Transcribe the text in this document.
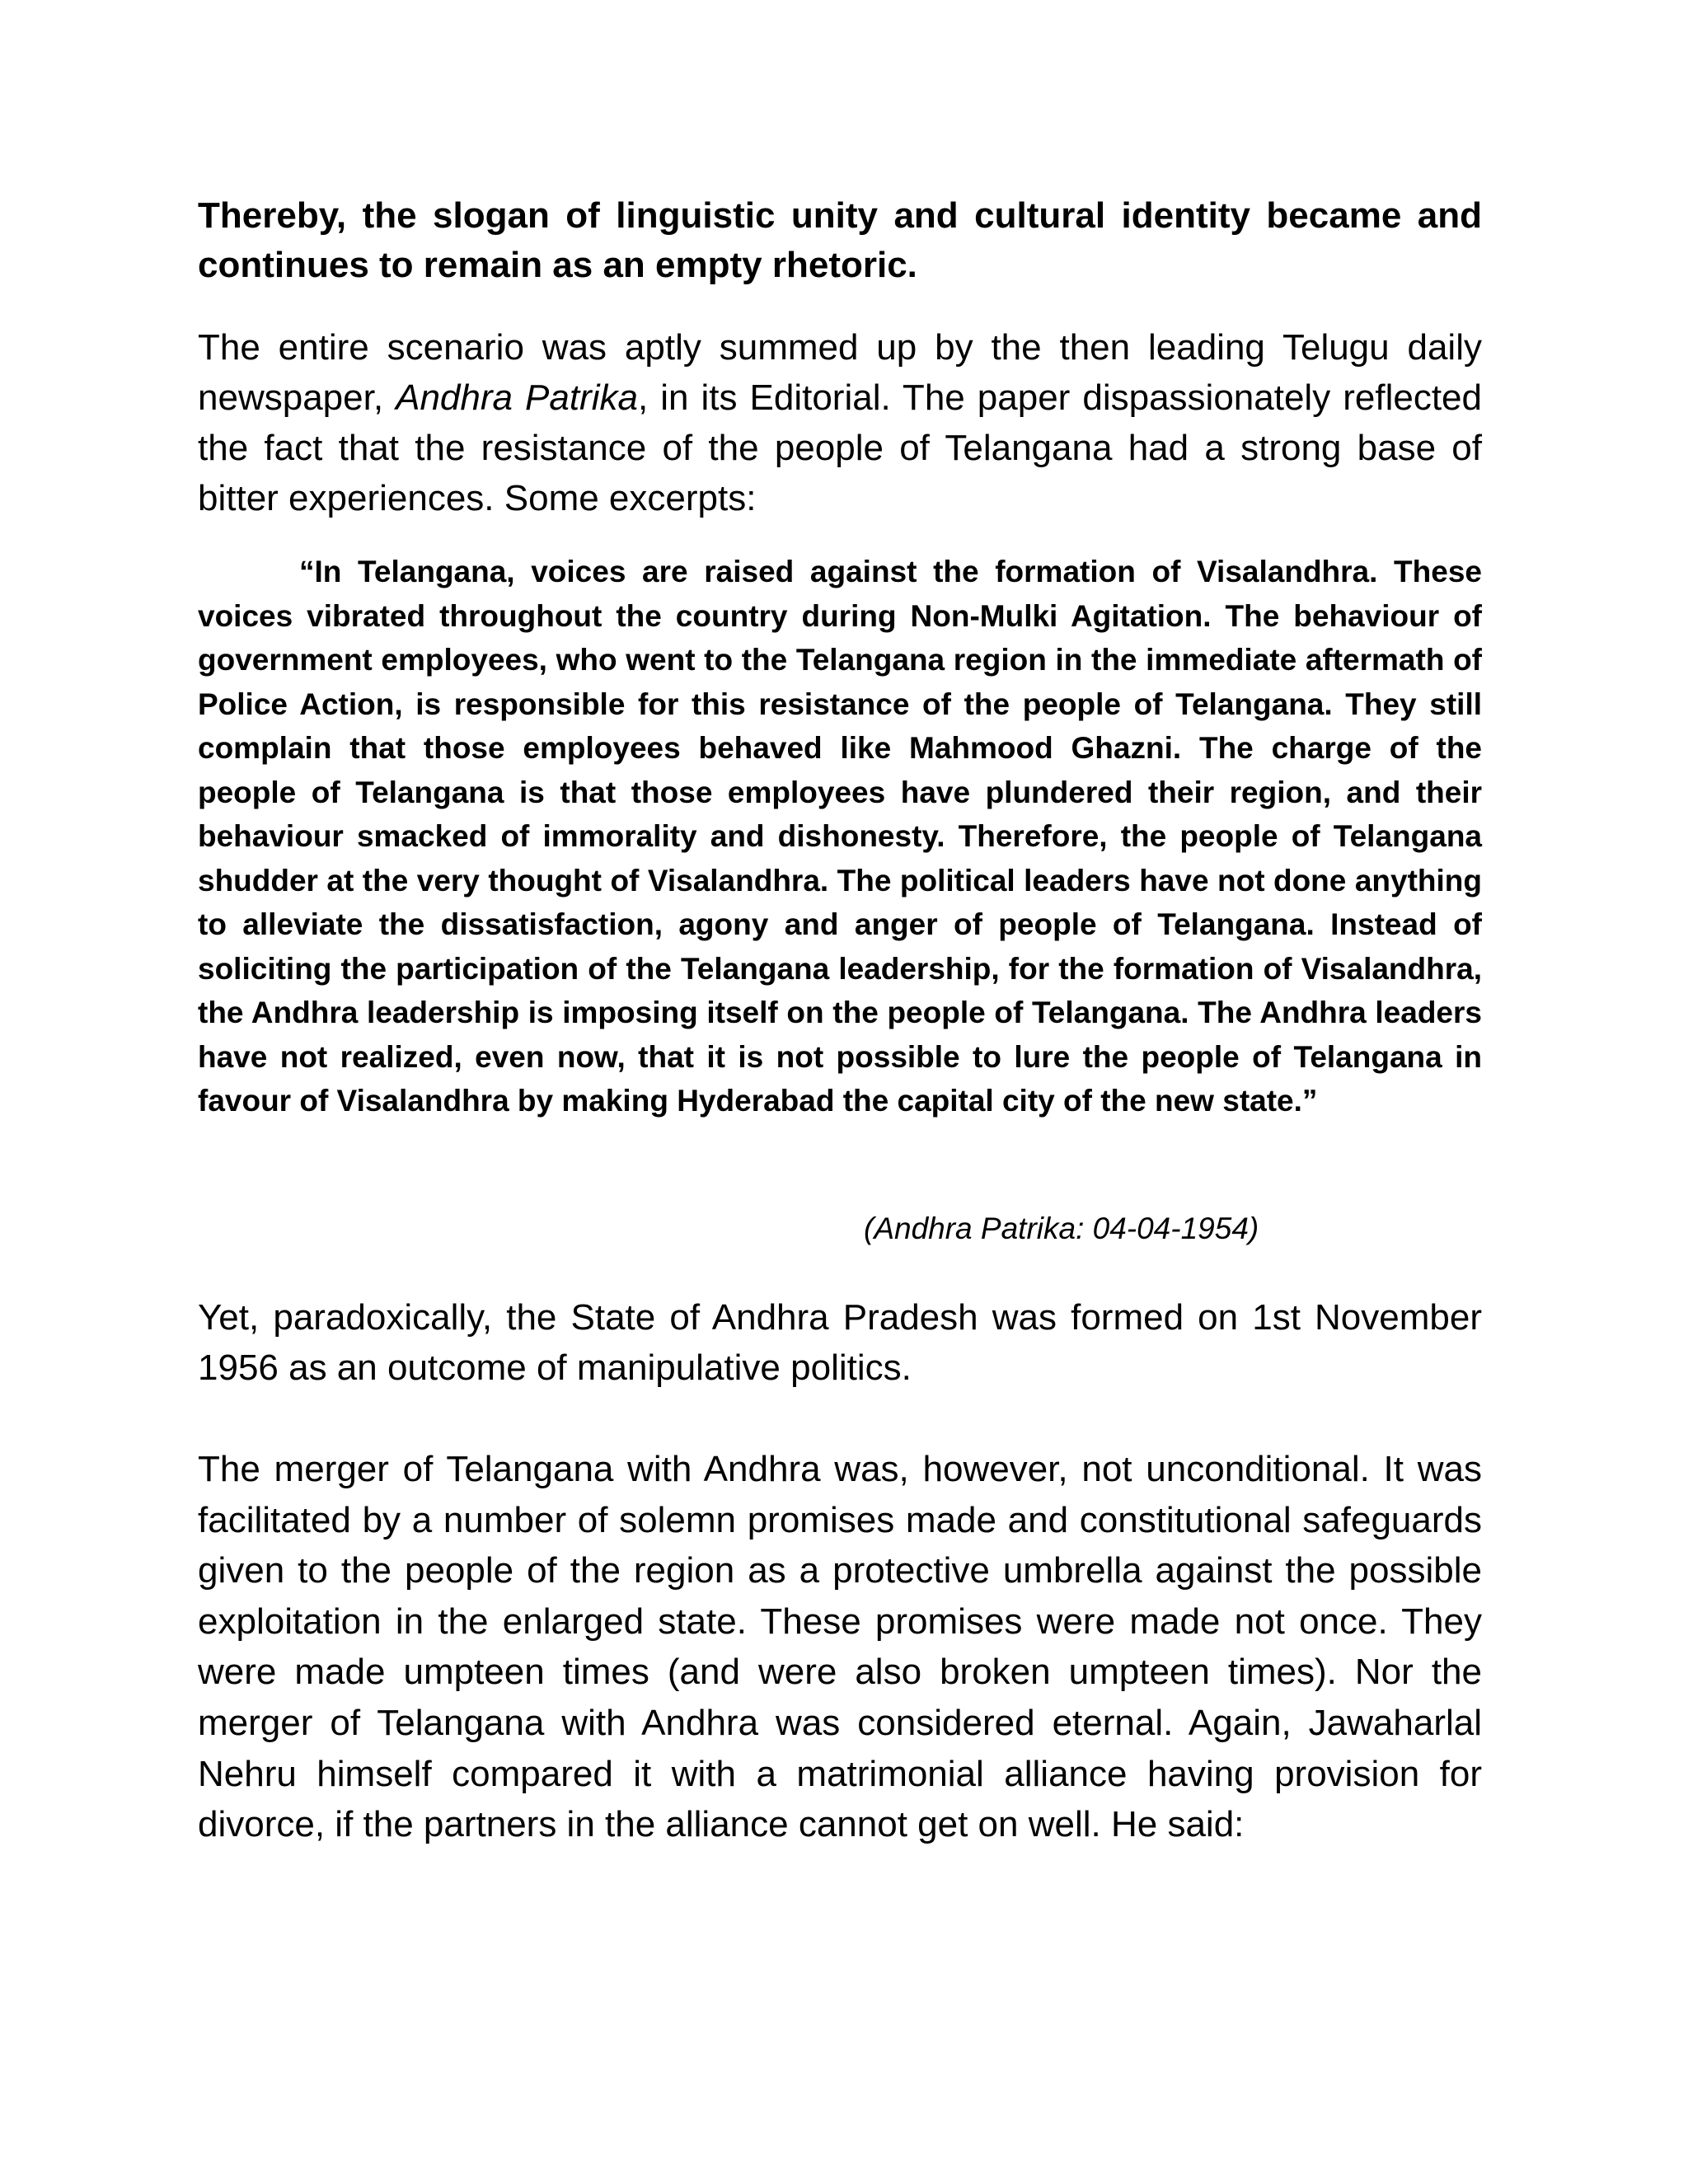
Thereby, the slogan of linguistic unity and cultural identity became and continues to remain as an empty rhetoric.

The entire scenario was aptly summed up by the then leading Telugu daily newspaper, Andhra Patrika, in its Editorial. The paper dispassionately reflected the fact that the resistance of the people of Telangana had a strong base of bitter experiences. Some excerpts:

“In Telangana, voices are raised against the formation of Visalandhra. These voices vibrated throughout the country during Non-Mulki Agitation. The behaviour of government employees, who went to the Telangana region in the immediate aftermath of Police Action, is responsible for this resistance of the people of Telangana. They still complain that those employees behaved like Mahmood Ghazni. The charge of the people of Telangana is that those employees have plundered their region, and their behaviour smacked of immorality and dishonesty. Therefore, the people of Telangana shudder at the very thought of Visalandhra. The political leaders have not done anything to alleviate the dissatisfaction, agony and anger of people of Telangana. Instead of soliciting the participation of the Telangana leadership, for the formation of Visalandhra, the Andhra leadership is imposing itself on the people of Telangana. The Andhra leaders have not realized, even now, that it is not possible to lure the people of Telangana in favour of Visalandhra by making Hyderabad the capital city of the new state.”

(Andhra Patrika: 04-04-1954)

Yet, paradoxically, the State of Andhra Pradesh was formed on 1st November 1956 as an outcome of manipulative politics.

The merger of Telangana with Andhra was, however, not unconditional. It was facilitated by a number of solemn promises made and constitutional safeguards given to the people of the region as a protective umbrella against the possible exploitation in the enlarged state. These promises were made not once. They were made umpteen times (and were also broken umpteen times). Nor the merger of Telangana with Andhra was considered eternal. Again, Jawaharlal Nehru himself compared it with a matrimonial alliance having provision for divorce, if the partners in the alliance cannot get on well. He said:
